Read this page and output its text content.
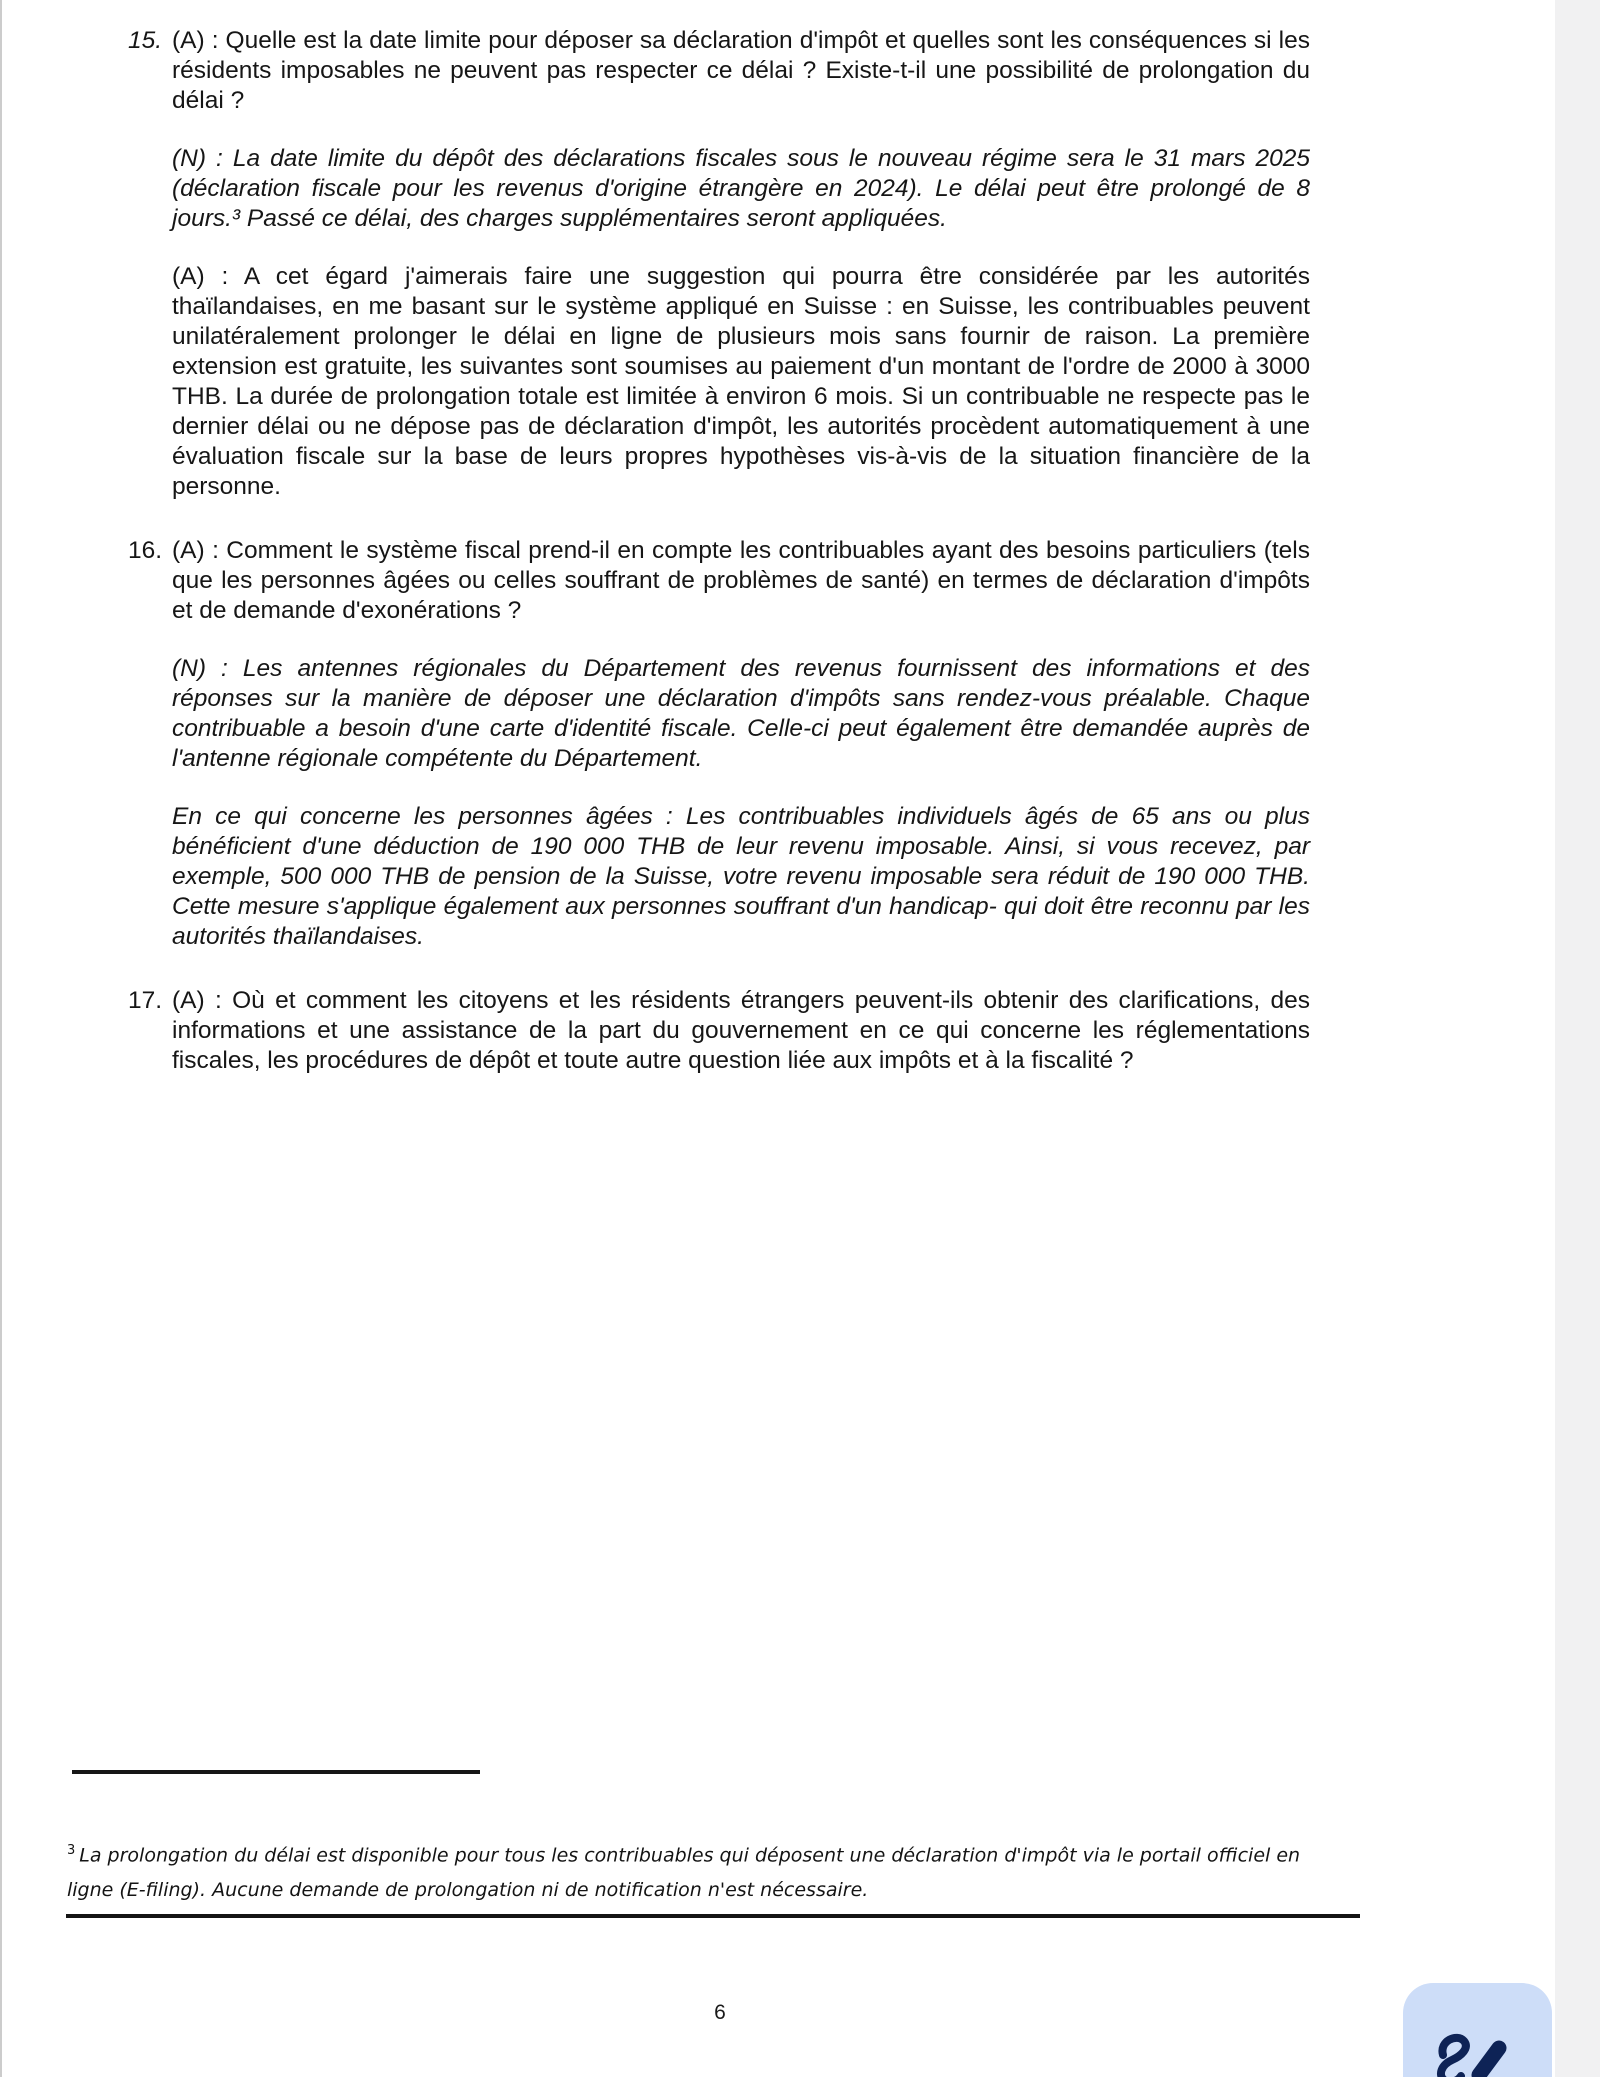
15. (A) : Quelle est la date limite pour déposer sa déclaration d'impôt et quelles sont les conséquences si les résidents imposables ne peuvent pas respecter ce délai ? Existe-t-il une possibilité de prolongation du délai ?

(N) : La date limite du dépôt des déclarations fiscales sous le nouveau régime sera le 31 mars 2025 (déclaration fiscale pour les revenus d'origine étrangère en 2024). Le délai peut être prolongé de 8 jours.³ Passé ce délai, des charges supplémentaires seront appliquées.

(A) : A cet égard j'aimerais faire une suggestion qui pourra être considérée par les autorités thaïlandaises, en me basant sur le système appliqué en Suisse : en Suisse, les contribuables peuvent unilatéralement prolonger le délai en ligne de plusieurs mois sans fournir de raison. La première extension est gratuite, les suivantes sont soumises au paiement d'un montant de l'ordre de 2000 à 3000 THB. La durée de prolongation totale est limitée à environ 6 mois. Si un contribuable ne respecte pas le dernier délai ou ne dépose pas de déclaration d'impôt, les autorités procèdent automatiquement à une évaluation fiscale sur la base de leurs propres hypothèses vis-à-vis de la situation financière de la personne.

16. (A) : Comment le système fiscal prend-il en compte les contribuables ayant des besoins particuliers (tels que les personnes âgées ou celles souffrant de problèmes de santé) en termes de déclaration d'impôts et de demande d'exonérations ?

(N) : Les antennes régionales du Département des revenus fournissent des informations et des réponses sur la manière de déposer une déclaration d'impôts sans rendez-vous préalable. Chaque contribuable a besoin d'une carte d'identité fiscale. Celle-ci peut également être demandée auprès de l'antenne régionale compétente du Département.

En ce qui concerne les personnes âgées : Les contribuables individuels âgés de 65 ans ou plus bénéficient d'une déduction de 190 000 THB de leur revenu imposable. Ainsi, si vous recevez, par exemple, 500 000 THB de pension de la Suisse, votre revenu imposable sera réduit de 190 000 THB. Cette mesure s'applique également aux personnes souffrant d'un handicap- qui doit être reconnu par les autorités thaïlandaises.

17. (A) : Où et comment les citoyens et les résidents étrangers peuvent-ils obtenir des clarifications, des informations et une assistance de la part du gouvernement en ce qui concerne les réglementations fiscales, les procédures de dépôt et toute autre question liée aux impôts et à la fiscalité ?
$^3$ La prolongation du délai est disponible pour tous les contribuables qui déposent une déclaration d'impôt via le portail officiel en ligne (E-filing). Aucune demande de prolongation ni de notification n'est nécessaire.
6
